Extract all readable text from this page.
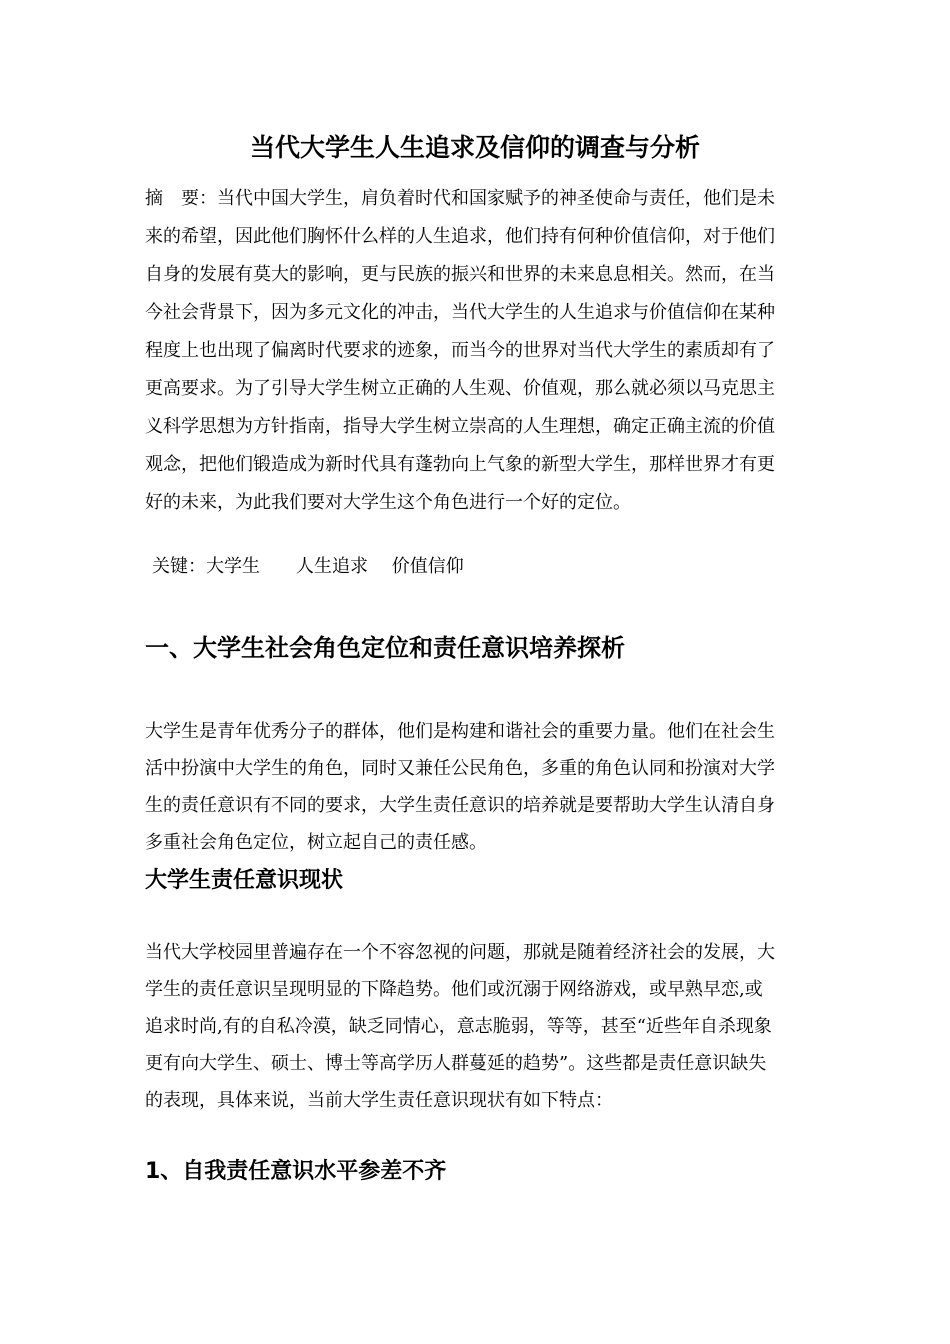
当代大学生人生追求及信仰的调查与分析
摘　要：当代中国大学生，肩负着时代和国家赋予的神圣使命与责任，他们是未
来的希望，因此他们胸怀什么样的人生追求，他们持有何种价值信仰，对于他们
自身的发展有莫大的影响，更与民族的振兴和世界的未来息息相关。然而，在当
今社会背景下，因为多元文化的冲击，当代大学生的人生追求与价值信仰在某种
程度上也出现了偏离时代要求的迹象，而当今的世界对当代大学生的素质却有了
更高要求。为了引导大学生树立正确的人生观、价值观，那么就必须以马克思主
义科学思想为方针指南，指导大学生树立崇高的人生理想，确定正确主流的价值
观念，把他们锻造成为新时代具有蓬勃向上气象的新型大学生，那样世界才有更
好的未来，为此我们要对大学生这个角色进行一个好的定位。
关键：大学生　　人生追求　 价值信仰
一、大学生社会角色定位和责任意识培养探析
大学生是青年优秀分子的群体，他们是构建和谐社会的重要力量。他们在社会生
活中扮演中大学生的角色，同时又兼任公民角色，多重的角色认同和扮演对大学
生的责任意识有不同的要求，大学生责任意识的培养就是要帮助大学生认清自身
多重社会角色定位，树立起自己的责任感。
大学生责任意识现状
当代大学校园里普遍存在一个不容忽视的问题，那就是随着经济社会的发展，大
学生的责任意识呈现明显的下降趋势。他们或沉溺于网络游戏，或早熟早恋,或
追求时尚,有的自私冷漠，缺乏同情心，意志脆弱，等等，甚至“近些年自杀现象
更有向大学生、硕士、博士等高学历人群蔓延的趋势”。这些都是责任意识缺失
的表现，具体来说，当前大学生责任意识现状有如下特点：
1、自我责任意识水平参差不齐
